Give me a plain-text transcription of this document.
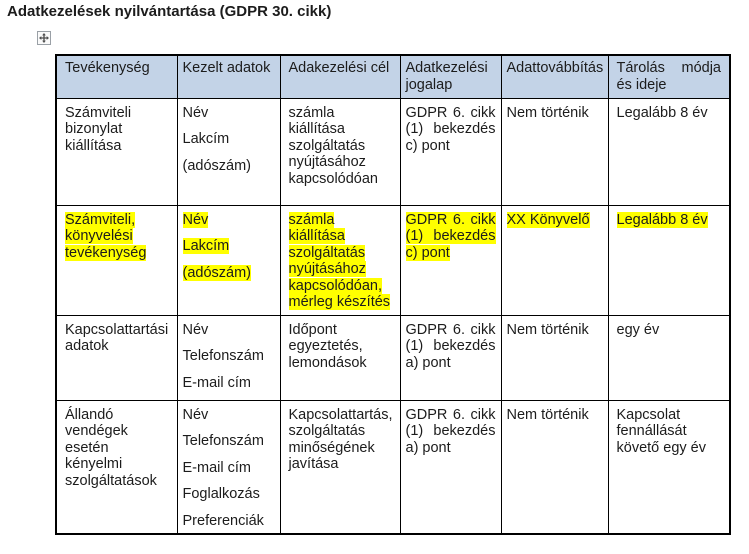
Adatkezelések nyilvántartása (GDPR 30. cikk)
Tevékenység	Kezelt adatok	Adakezelési cél	Adatkezelési jogalap	Adattovábbítás	Tárolás módja és ideje

Számviteli bizonylat kiállítása	Név
Lakcím
(adószám)	számla kiállítása szolgáltatás nyújtásához kapcsolódóan	GDPR 6. cikk (1) bekezdés c) pont	Nem történik	Legalább 8 év

Számviteli, könyvelési tevékenység	Név
Lakcím
(adószám)	számla kiállítása szolgáltatás nyújtásához kapcsolódóan, mérleg készítés	GDPR 6. cikk (1) bekezdés c) pont	XX Könyvelő	Legalább 8 év

Kapcsolattartási adatok	Név
Telefonszám
E-mail cím	Időpont egyeztetés, lemondások	GDPR 6. cikk (1) bekezdés a) pont	Nem történik	egy év

Állandó vendégek esetén kényelmi szolgáltatások	Név
Telefonszám
E-mail cím
Foglalkozás
Preferenciák	Kapcsolattartás, szolgáltatás minőségének javítása	GDPR 6. cikk (1) bekezdés a) pont	Nem történik	Kapcsolat fennállását követő egy év
